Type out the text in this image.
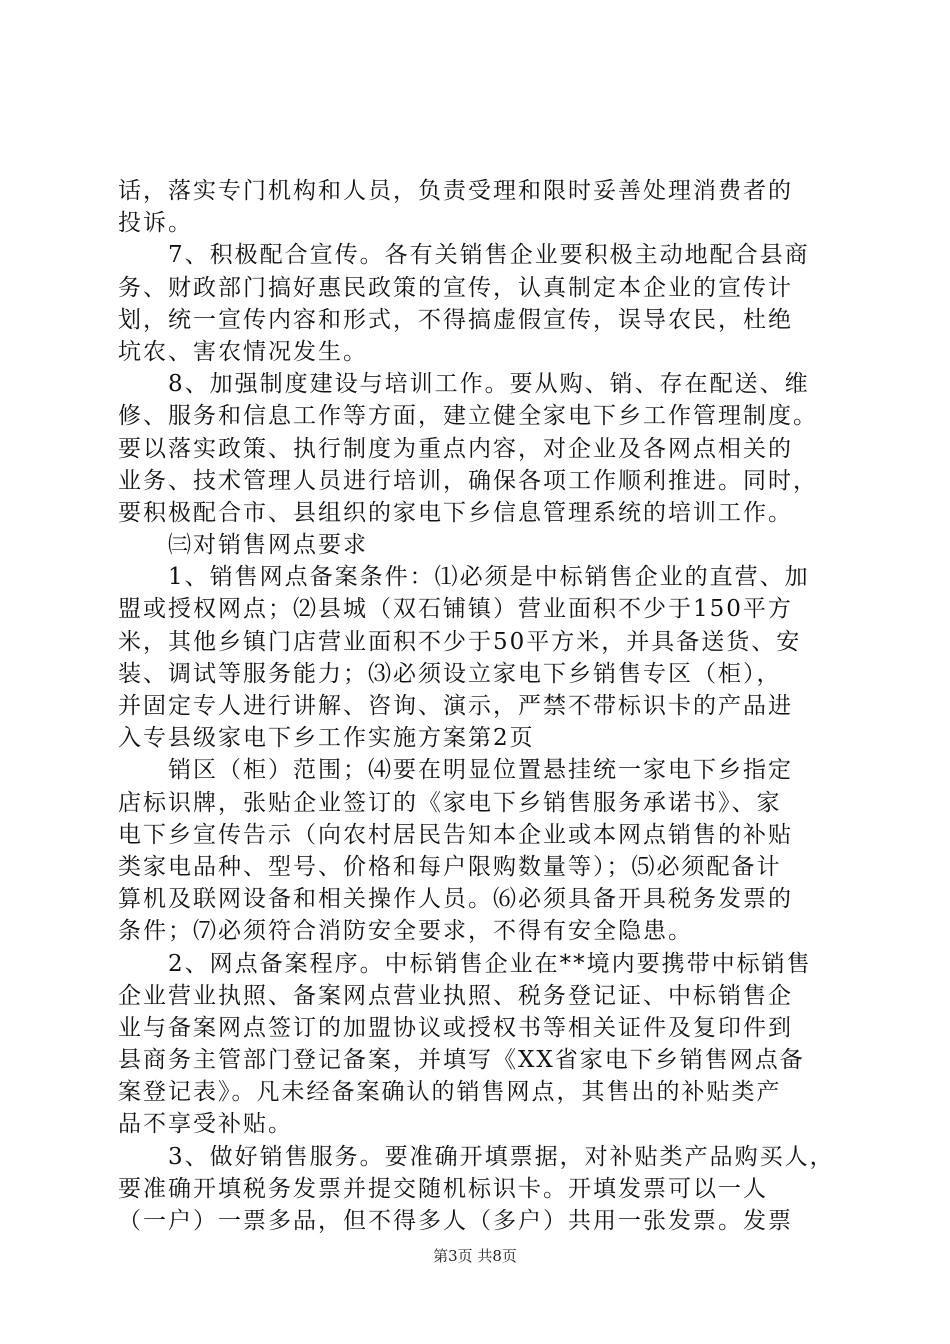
话，落实专门机构和人员，负责受理和限时妥善处理消费者的
投诉。
　　7、积极配合宣传。各有关销售企业要积极主动地配合县商
务、财政部门搞好惠民政策的宣传，认真制定本企业的宣传计
划，统一宣传内容和形式，不得搞虚假宣传，误导农民，杜绝
坑农、害农情况发生。
　　8、加强制度建设与培训工作。要从购、销、存在配送、维
修、服务和信息工作等方面，建立健全家电下乡工作管理制度。
要以落实政策、执行制度为重点内容，对企业及各网点相关的
业务、技术管理人员进行培训，确保各项工作顺利推进。同时，
要积极配合市、县组织的家电下乡信息管理系统的培训工作。
　　㈢对销售网点要求
　　1、销售网点备案条件：⑴必须是中标销售企业的直营、加
盟或授权网点；⑵县城（双石铺镇）营业面积不少于150平方
米，其他乡镇门店营业面积不少于50平方米，并具备送货、安
装、调试等服务能力；⑶必须设立家电下乡销售专区（柜），
并固定专人进行讲解、咨询、演示，严禁不带标识卡的产品进
入专县级家电下乡工作实施方案第2页
　　销区（柜）范围；⑷要在明显位置悬挂统一家电下乡指定
店标识牌，张贴企业签订的《家电下乡销售服务承诺书》、家
电下乡宣传告示（向农村居民告知本企业或本网点销售的补贴
类家电品种、型号、价格和每户限购数量等）；⑸必须配备计
算机及联网设备和相关操作人员。⑹必须具备开具税务发票的
条件；⑺必须符合消防安全要求，不得有安全隐患。
　　2、网点备案程序。中标销售企业在**境内要携带中标销售
企业营业执照、备案网点营业执照、税务登记证、中标销售企
业与备案网点签订的加盟协议或授权书等相关证件及复印件到
县商务主管部门登记备案，并填写《XX省家电下乡销售网点备
案登记表》。凡未经备案确认的销售网点，其售出的补贴类产
品不享受补贴。
　　3、做好销售服务。要准确开填票据，对补贴类产品购买人，
要准确开填税务发票并提交随机标识卡。开填发票可以一人
（一户）一票多品，但不得多人（多户）共用一张发票。发票
第3页 共8页
